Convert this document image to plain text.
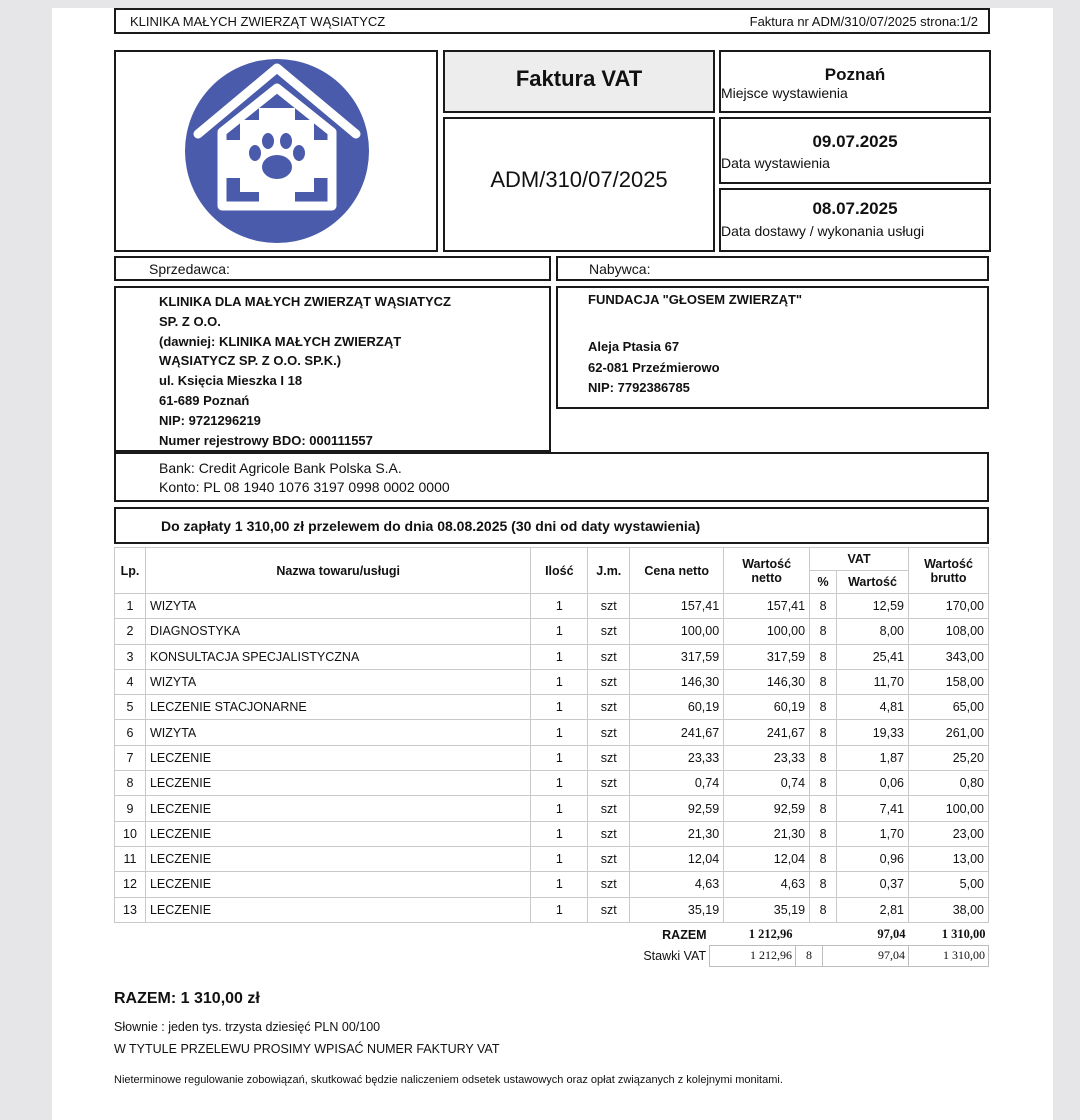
KLINIKA MAŁYCH ZWIERZĄT WĄSIATYCZ	Faktura nr ADM/310/07/2025 strona:1/2
Faktura VAT
ADM/310/07/2025
Poznań
Miejsce wystawienia
09.07.2025
Data wystawienia
08.07.2025
Data dostawy / wykonania usługi
Sprzedawca:	Nabywca:
KLINIKA DLA MAŁYCH ZWIERZĄT WĄSIATYCZ
SP. Z O.O.
(dawniej: KLINIKA MAŁYCH ZWIERZĄT
WĄSIATYCZ SP. Z O.O. SP.K.)
ul. Księcia Mieszka I 18
61-689 Poznań
NIP: 9721296219
Numer rejestrowy BDO: 000111557
FUNDACJA "GŁOSEM ZWIERZĄT"
Aleja Ptasia 67
62-081 Przeźmierowo
NIP: 7792386785
Bank: Credit Agricole Bank Polska S.A.
Konto: PL 08 1940 1076 3197 0998 0002 0000
Do zapłaty 1 310,00 zł przelewem do dnia 08.08.2025 (30 dni od daty wystawienia)
Lp.	Nazwa towaru/usługi	Ilość	J.m.	Cena netto	Wartość netto	VAT		Wartość brutto
						%	Wartość	
1	WIZYTA	1	szt	157,41	157,41	8	12,59	170,00
2	DIAGNOSTYKA	1	szt	100,00	100,00	8	8,00	108,00
3	KONSULTACJA SPECJALISTYCZNA	1	szt	317,59	317,59	8	25,41	343,00
4	WIZYTA	1	szt	146,30	146,30	8	11,70	158,00
5	LECZENIE STACJONARNE	1	szt	60,19	60,19	8	4,81	65,00
6	WIZYTA	1	szt	241,67	241,67	8	19,33	261,00
7	LECZENIE	1	szt	23,33	23,33	8	1,87	25,20
8	LECZENIE	1	szt	0,74	0,74	8	0,06	0,80
9	LECZENIE	1	szt	92,59	92,59	8	7,41	100,00
10	LECZENIE	1	szt	21,30	21,30	8	1,70	23,00
11	LECZENIE	1	szt	12,04	12,04	8	0,96	13,00
12	LECZENIE	1	szt	4,63	4,63	8	0,37	5,00
13	LECZENIE	1	szt	35,19	35,19	8	2,81	38,00
	RAZEM	1 212,96		97,04	1 310,00
	Stawki VAT	1 212,96	8	97,04	1 310,00
RAZEM: 1 310,00 zł
Słownie : jeden tys. trzysta dziesięć PLN 00/100
W TYTULE PRZELEWU PROSIMY WPISAĆ NUMER FAKTURY VAT
Nieterminowe regulowanie zobowiązań, skutkować będzie naliczeniem odsetek ustawowych oraz opłat związanych z kolejnymi monitami.
